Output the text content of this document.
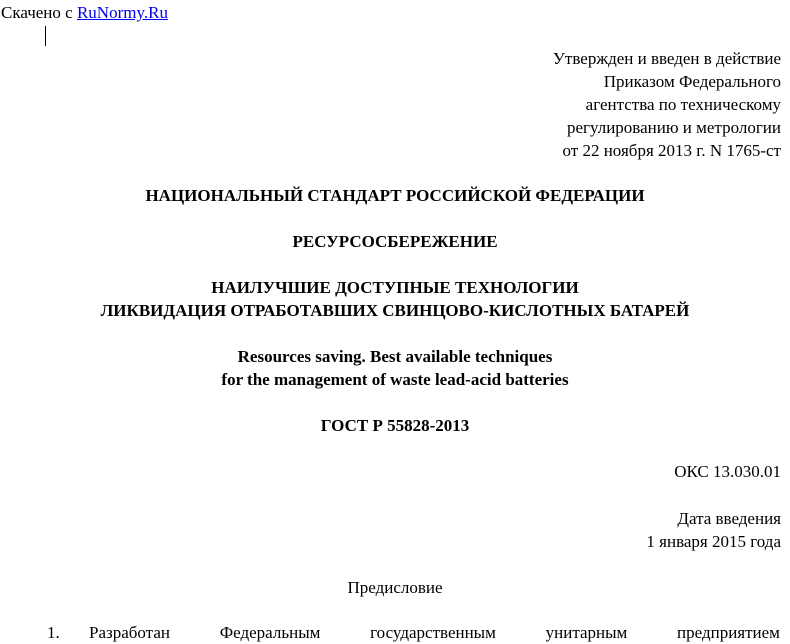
Скачено с RuNormy.Ru
Утвержден и введен в действие
Приказом Федерального
агентства по техническому
регулированию и метрологии
от 22 ноября 2013 г. N 1765-ст
НАЦИОНАЛЬНЫЙ СТАНДАРТ РОССИЙСКОЙ ФЕДЕРАЦИИ
РЕСУРСОСБЕРЕЖЕНИЕ
НАИЛУЧШИЕ ДОСТУПНЫЕ ТЕХНОЛОГИИ
ЛИКВИДАЦИЯ ОТРАБОТАВШИХ СВИНЦОВО-КИСЛОТНЫХ БАТАРЕЙ
Resources saving. Best available techniques
for the management of waste lead-acid batteries
ГОСТ Р 55828-2013
ОКС 13.030.01
Дата введения
1 января 2015 года
Предисловие
1.	Разработан	Федеральным	государственным	унитарным	предприятием
